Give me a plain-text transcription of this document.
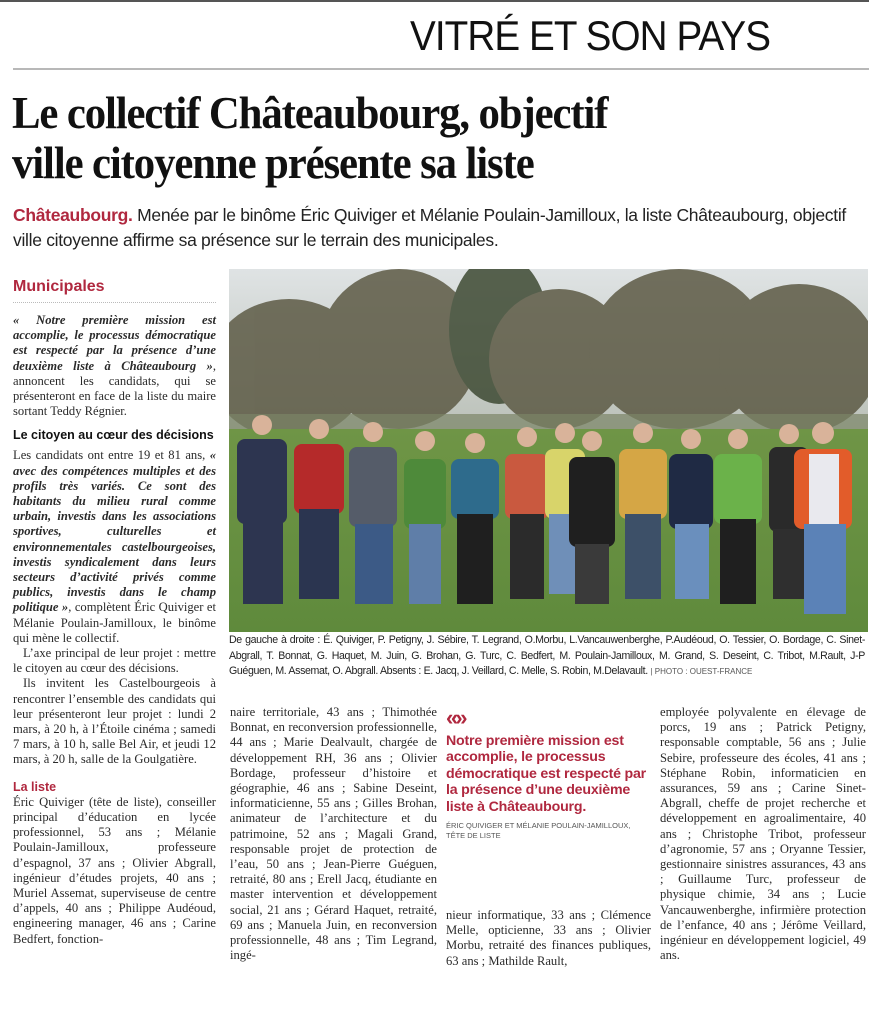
VITRÉ ET SON PAYS
Le collectif Châteaubourg, objectif
ville citoyenne présente sa liste

Châteaubourg. Menée par le binôme Éric Quiviger et Mélanie Poulain-Jamilloux, la liste Châteaubourg, objectif ville citoyenne affirme sa présence sur le terrain des municipales.

Municipales

« Notre première mission est accomplie, le processus démocratique est respecté par la présence d’une deuxième liste à Châteaubourg », annoncent les candidats, qui se présenteront en face de la liste du maire sortant Teddy Régnier.

Le citoyen au cœur des décisions

Les candidats ont entre 19 et 81 ans, « avec des compétences multiples et des profils très variés. Ce sont des habitants du milieu rural comme urbain, investis dans les associations sportives, culturelles et environnementales castelbourgeoises, investis syndicalement dans leurs secteurs d’activité privés comme publics, investis dans le champ politique », complètent Éric Quiviger et Mélanie Poulain-Jamilloux, le binôme qui mène le collectif.

L’axe principal de leur projet : mettre le citoyen au cœur des décisions.

Ils invitent les Castelbourgeois à rencontrer l’ensemble des candidats qui leur présenteront leur projet : lundi 2 mars, à 20 h, à l’Étoile cinéma ; samedi 7 mars, à 10 h, salle Bel Air, et jeudi 12 mars, à 20 h, salle de la Goulgatière.

La liste

Éric Quiviger (tête de liste), conseiller principal d’éducation en lycée professionnel, 53 ans ; Mélanie Poulain-Jamilloux, professeure d’espagnol, 37 ans ; Olivier Abgrall, ingénieur d’études projets, 40 ans ; Muriel Assemat, superviseuse de centre d’appels, 40 ans ; Philippe Audéoud, engineering manager, 46 ans ; Carine Bedfert, fonction-

De gauche à droite : É. Quiviger, P. Petigny, J. Sébire, T. Legrand, O.Morbu, L.Vancauwenberghe, P.Audéoud, O. Tessier, O. Bordage, C. Sinet-Abgrall, T. Bonnat, G. Haquet, M. Juin, G. Brohan, G. Turc, C. Bedfert, M. Poulain-Jamilloux, M. Grand, S. Deseint, C. Tribot, M.Rault, J-P Guéguen, M. Assemat, O. Abgrall. Absents : E. Jacq, J. Veillard, C. Melle, S. Robin, M.Delavault. | PHOTO : OUEST-FRANCE

naire territoriale, 43 ans ; Thimothée Bonnat, en reconversion professionnelle, 44 ans ; Marie Dealvault, chargée de développement RH, 36 ans ; Olivier Bordage, professeur d’histoire et géographie, 46 ans ; Sabine Deseint, informaticienne, 55 ans ; Gilles Brohan, animateur de l’architecture et du patrimoine, 52 ans ; Magali Grand, responsable projet de protection de l’eau, 50 ans ; Jean-Pierre Guéguen, retraité, 80 ans ; Erell Jacq, étudiante en master intervention et développement social, 21 ans ; Gérard Haquet, retraité, 69 ans ; Manuela Juin, en reconversion professionnelle, 48 ans ; Tim Legrand, ingé-

«»
Notre première mission est accomplie, le processus démocratique est respecté par la présence d’une deuxième liste à Châteaubourg.
ÉRIC QUIVIGER ET MÉLANIE POULAIN-JAMILLOUX, TÊTE DE LISTE

nieur informatique, 33 ans ; Clémence Melle, opticienne, 33 ans ; Olivier Morbu, retraité des finances publiques, 63 ans ; Mathilde Rault,

employée polyvalente en élevage de porcs, 19 ans ; Patrick Petigny, responsable comptable, 56 ans ; Julie Sebire, professeure des écoles, 41 ans ; Stéphane Robin, informaticien en assurances, 59 ans ; Carine Sinet-Abgrall, cheffe de projet recherche et développement en agroalimentaire, 40 ans ; Christophe Tribot, professeur d’agronomie, 57 ans ; Oryanne Tessier, gestionnaire sinistres assurances, 43 ans ; Guillaume Turc, professeur de physique chimie, 34 ans ; Lucie Vancauwenberghe, infirmière protection de l’enfance, 40 ans ; Jérôme Veillard, ingénieur en développement logiciel, 49 ans.
